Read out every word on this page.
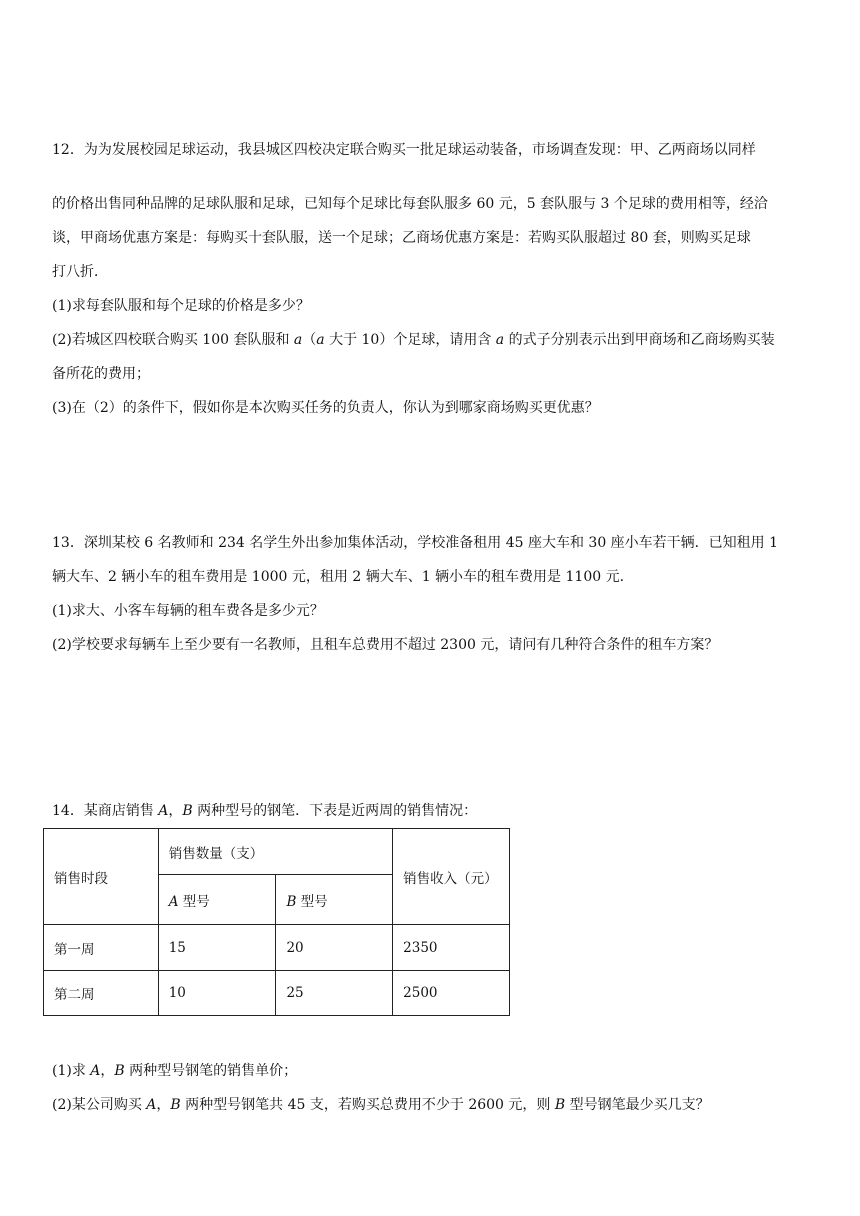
12．为为发展校园足球运动，我县城区四校决定联合购买一批足球运动装备，市场调查发现：甲、乙两商场以同样
的价格出售同种品牌的足球队服和足球，已知每个足球比每套队服多 60 元，5 套队服与 3 个足球的费用相等，经洽
谈，甲商场优惠方案是：每购买十套队服，送一个足球；乙商场优惠方案是：若购买队服超过 80 套，则购买足球
打八折．
(1)求每套队服和每个足球的价格是多少？
(2)若城区四校联合购买 100 套队服和 a（a 大于 10）个足球，请用含 a 的式子分别表示出到甲商场和乙商场购买装
备所花的费用；
(3)在（2）的条件下，假如你是本次购买任务的负责人，你认为到哪家商场购买更优惠？
13．深圳某校 6 名教师和 234 名学生外出参加集体活动，学校准备租用 45 座大车和 30 座小车若干辆．已知租用 1
辆大车、2 辆小车的租车费用是 1000 元，租用 2 辆大车、1 辆小车的租车费用是 1100 元．
(1)求大、小客车每辆的租车费各是多少元？
(2)学校要求每辆车上至少要有一名教师，且租车总费用不超过 2300 元，请问有几种符合条件的租车方案？
14．某商店销售 A，B 两种型号的钢笔．下表是近两周的销售情况：
销售时段	销售数量（支）		销售收入（元）
	A 型号	B 型号	
第一周	15	20	2350
第二周	10	25	2500
(1)求 A，B 两种型号钢笔的销售单价；
(2)某公司购买 A，B 两种型号钢笔共 45 支，若购买总费用不少于 2600 元，则 B 型号钢笔最少买几支？
